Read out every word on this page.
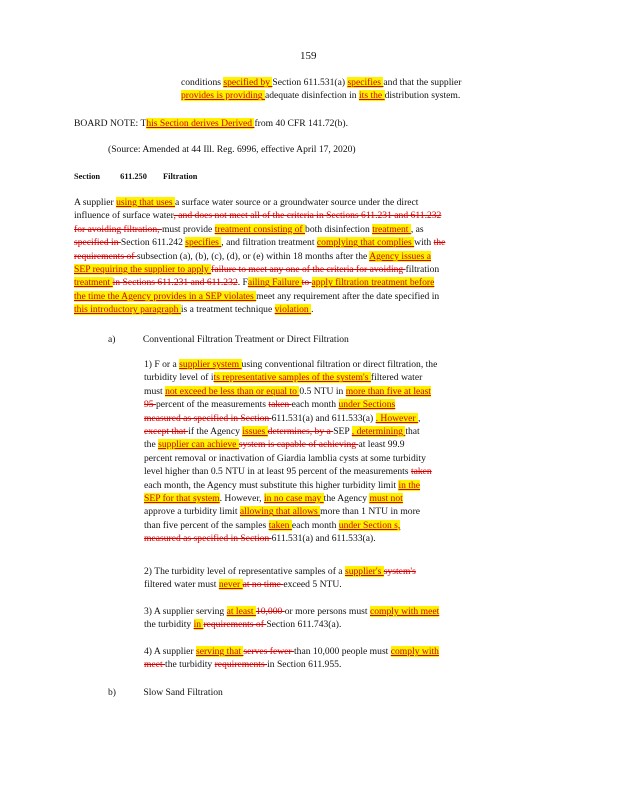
159
conditions specified by Section 611.531(a) specifies and that the supplier
provides is providing adequate disinfection in its the distribution system.
BOARD NOTE: This Section derives Derived from 40 CFR 141.72(b).
(Source: Amended at 44 Ill. Reg. 6996, effective April 17, 2020)
Section 611.250 Filtration
A supplier using that uses a surface water source or a groundwater source under the direct
influence of surface water, and does not meet all of the criteria in Sections 611.231 and 611.232
for avoiding filtration, must provide treatment consisting of both disinfection treatment , as
specified in Section 611.242 specifies , and filtration treatment complying that complies with the
requirements of subsection (a), (b), (c), (d), or (e) within 18 months after the Agency issues a
SEP requiring the supplier to apply failure to meet any one of the criteria for avoiding filtration
treatment in Sections 611.231 and 611.232. Failing Failure to apply filtration treatment before
the time the Agency provides in a SEP violates meet any requirement after the date specified in
this introductory paragraph is a treatment technique violation .
a)	Conventional Filtration Treatment or Direct Filtration
1) F or a supplier system using conventional filtration or direct filtration, the
turbidity level of its representative samples of the system's filtered water
must not exceed be less than or equal to 0.5 NTU in more than five at least
95 percent of the measurements taken each month under Sections
measured as specified in Section 611.531(a) and 611.533(a) . However ,
except that if the Agency issues determines, by a SEP , determining that
the supplier can achieve system is capable of achieving at least 99.9
percent removal or inactivation of Giardia lamblia cysts at some turbidity
level higher than 0.5 NTU in at least 95 percent of the measurements taken
each month, the Agency must substitute this higher turbidity limit in the
SEP for that system. However, in no case may the Agency must not
approve a turbidity limit allowing that allows more than 1 NTU in more
than five percent of the samples taken each month under Section s,
measured as specified in Section 611.531(a) and 611.533(a).
2) The turbidity level of representative samples of a supplier's system's
filtered water must never at no time exceed 5 NTU.
3) A supplier serving at least 10,000 or more persons must comply with meet
the turbidity in requirements of Section 611.743(a).
4) A supplier serving that serves fewer than 10,000 people must comply with
meet the turbidity requirements in Section 611.955.
b)	Slow Sand Filtration
